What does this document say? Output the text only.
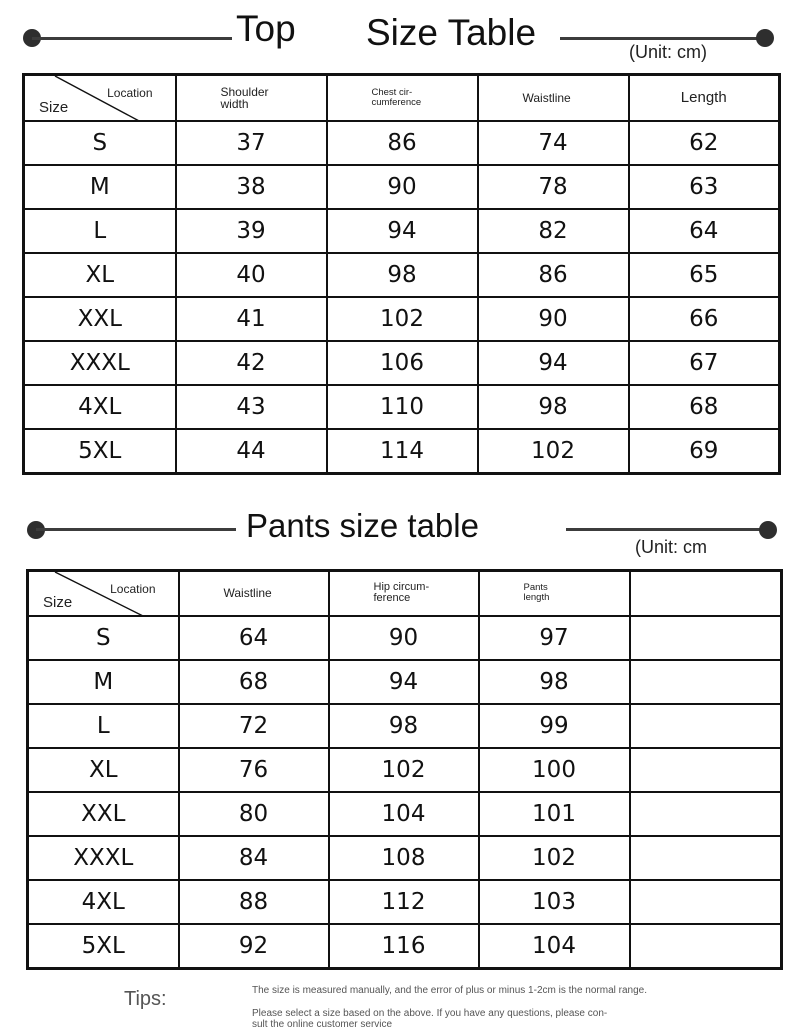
Top Size Table	(Unit: cm)
Location
Size	Shoulder width	Chest cir-
cumference	Waistline	Length

S	37	86	74	62
M	38	90	78	63
L	39	94	82	64
XL	40	98	86	65
XXL	41	102	90	66
XXXL	42	106	94	67
4XL	43	110	98	68
5XL	44	114	102	69
Pants size table
(Unit: cm
Location
Size	Waistline	Hip circum-
ference	Pants
length	

S	64	90	97	
M	68	94	98	
L	72	98	99	
XL	76	102	100	
XXL	80	104	101	
XXXL	84	108	102	
4XL	88	112	103	
5XL	92	116	104	
Tips:	The size is measured manually, and the error of plus or minus 1-2cm is the normal range.
Please select a size based on the above. If you have any questions, please con-
sult the online customer service
